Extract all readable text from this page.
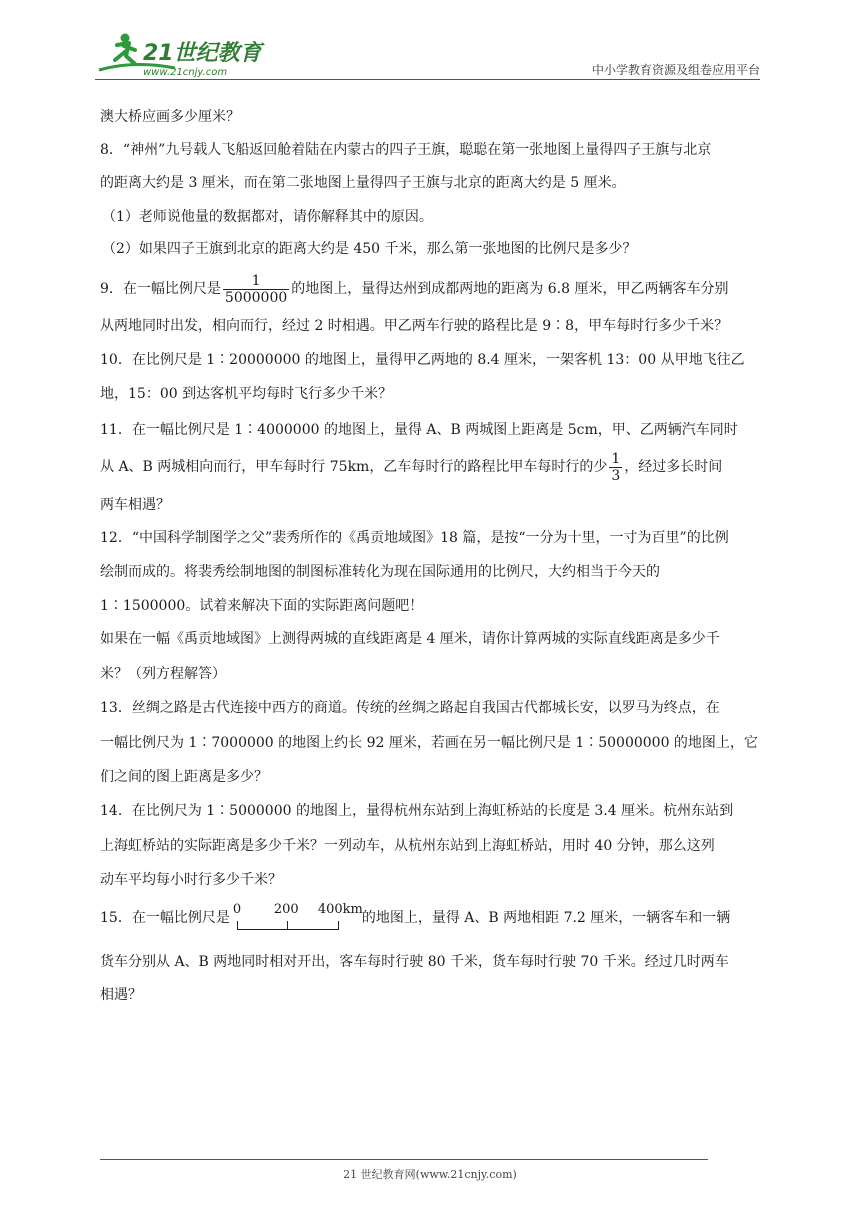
21世纪教育
www.21cnjy.com	中小学教育资源及组卷应用平台
澳大桥应画多少厘米？
8．“神州”九号载人飞船返回舱着陆在内蒙古的四子王旗，聪聪在第一张地图上量得四子王旗与北京
的距离大约是 3 厘米，而在第二张地图上量得四子王旗与北京的距离大约是 5 厘米。
（1）老师说他量的数据都对，请你解释其中的原因。
（2）如果四子王旗到北京的距离大约是 450 千米，那么第一张地图的比例尺是多少？
9．在一幅比例尺是 $\frac{1}{5000000}$ 的地图上，量得达州到成都两地的距离为 6.8 厘米，甲乙两辆客车分别
从两地同时出发，相向而行，经过 2 时相遇。甲乙两车行驶的路程比是 9∶8，甲车每时行多少千米？
10．在比例尺是 1∶20000000 的地图上，量得甲乙两地的 8.4 厘米，一架客机 13：00 从甲地飞往乙
地，15：00 到达客机平均每时飞行多少千米？
11．在一幅比例尺是 1∶4000000 的地图上，量得 A、B 两城图上距离是 5cm，甲、乙两辆汽车同时
从 A、B 两城相向而行，甲车每时行 75km，乙车每时行的路程比甲车每时行的少 $\frac{1}{3}$ ，经过多长时间
两车相遇？
12．“中国科学制图学之父”裴秀所作的《禹贡地域图》18 篇，是按“一分为十里，一寸为百里”的比例
绘制而成的。将裴秀绘制地图的制图标准转化为现在国际通用的比例尺，大约相当于今天的
1∶1500000。试着来解决下面的实际距离问题吧！
如果在一幅《禹贡地域图》上测得两城的直线距离是 4 厘米，请你计算两城的实际直线距离是多少千
米？（列方程解答）
13．丝绸之路是古代连接中西方的商道。传统的丝绸之路起自我国古代都城长安，以罗马为终点，在
一幅比例尺为 1∶7000000 的地图上约长 92 厘米，若画在另一幅比例尺是 1∶50000000 的地图上，它
们之间的图上距离是多少？
14．在比例尺为 1∶5000000 的地图上，量得杭州东站到上海虹桥站的长度是 3.4 厘米。杭州东站到
上海虹桥站的实际距离是多少千米？一列动车，从杭州东站到上海虹桥站，用时 40 分钟，那么这列
动车平均每小时行多少千米？
15．在一幅比例尺是
0	200 400km
的地图上，量得 A、B 两地相距 7.2 厘米，一辆客车和一辆
货车分别从 A、B 两地同时相对开出，客车每时行驶 80 千米，货车每时行驶 70 千米。经过几时两车
相遇？
21 世纪教育网(www.21cnjy.com)
